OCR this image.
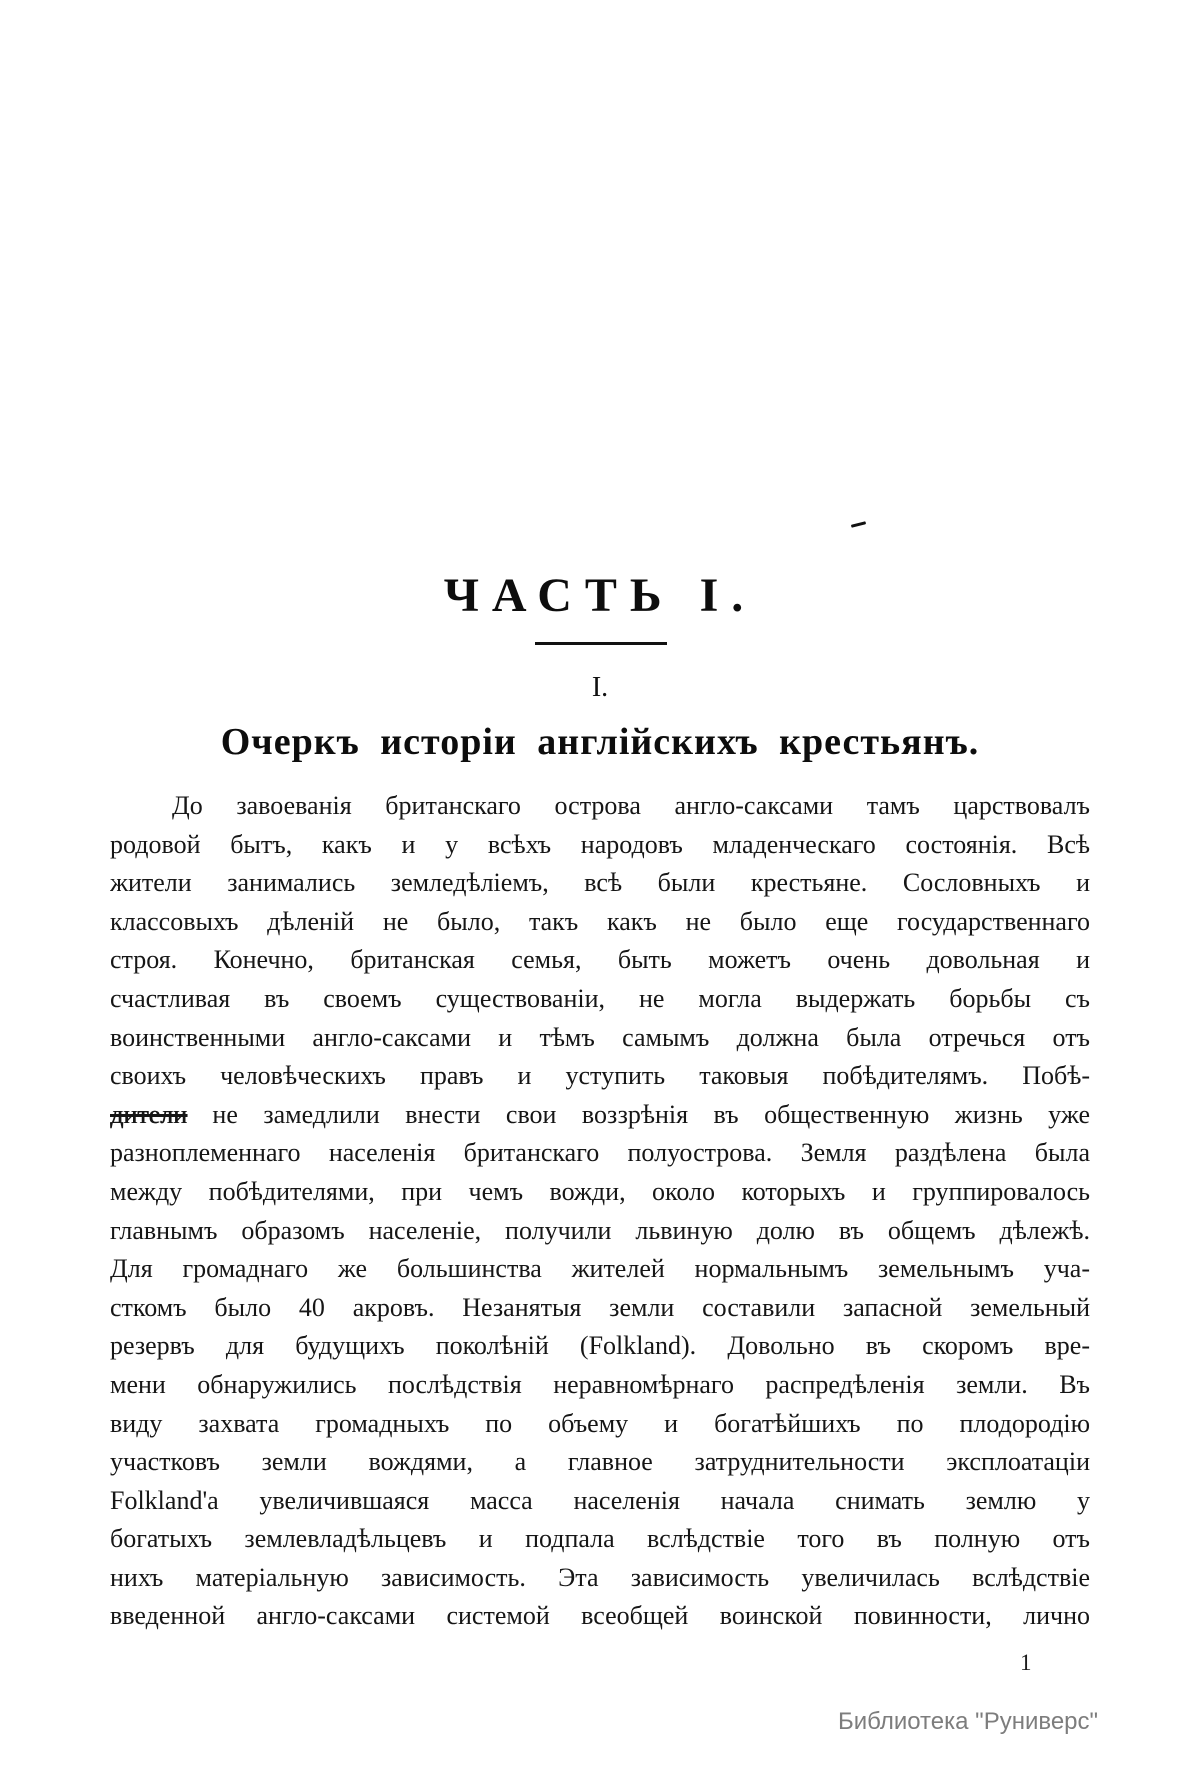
ЧАСТЬ I.
I.
Очеркъ исторіи англійскихъ крестьянъ.
До завоеванія британскаго острова англо-саксами тамъ царствовалъ
родовой бытъ, какъ и у всѣхъ народовъ младенческаго состоянія. Всѣ
жители занимались земледѣліемъ, всѣ были крестьяне. Сословныхъ и
классовыхъ дѣленій не было, такъ какъ не было еще государственнаго
строя. Конечно, британская семья, быть можетъ очень довольная и
счастливая въ своемъ существованіи, не могла выдержать борьбы съ
воинственными англо-саксами и тѣмъ самымъ должна была отречься отъ
своихъ человѣческихъ правъ и уступить таковыя побѣдителямъ. Побѣ-
дители не замедлили внести свои воззрѣнія въ общественную жизнь уже
разноплеменнаго населенія британскаго полуострова. Земля раздѣлена была
между побѣдителями, при чемъ вожди, около которыхъ и группировалось
главнымъ образомъ населеніе, получили львиную долю въ общемъ дѣлежѣ.
Для громаднаго же большинства жителей нормальнымъ земельнымъ уча-
сткомъ было 40 акровъ. Незанятыя земли составили запасной земельный
резервъ для будущихъ поколѣній (Folkland). Довольно въ скоромъ вре-
мени обнаружились послѣдствія неравномѣрнаго распредѣленія земли. Въ
виду захвата громадныхъ по объему и богатѣйшихъ по плодородію
участковъ земли вождями, а главное затруднительности эксплоатаціи
Folkland'а увеличившаяся масса населенія начала снимать землю у
богатыхъ землевладѣльцевъ и подпала вслѣдствіе того въ полную отъ
нихъ матеріальную зависимость. Эта зависимость увеличилась вслѣдствіе
введенной англо-саксами системой всеобщей воинской повинности, лично
1
Библиотека "Руниверс"
